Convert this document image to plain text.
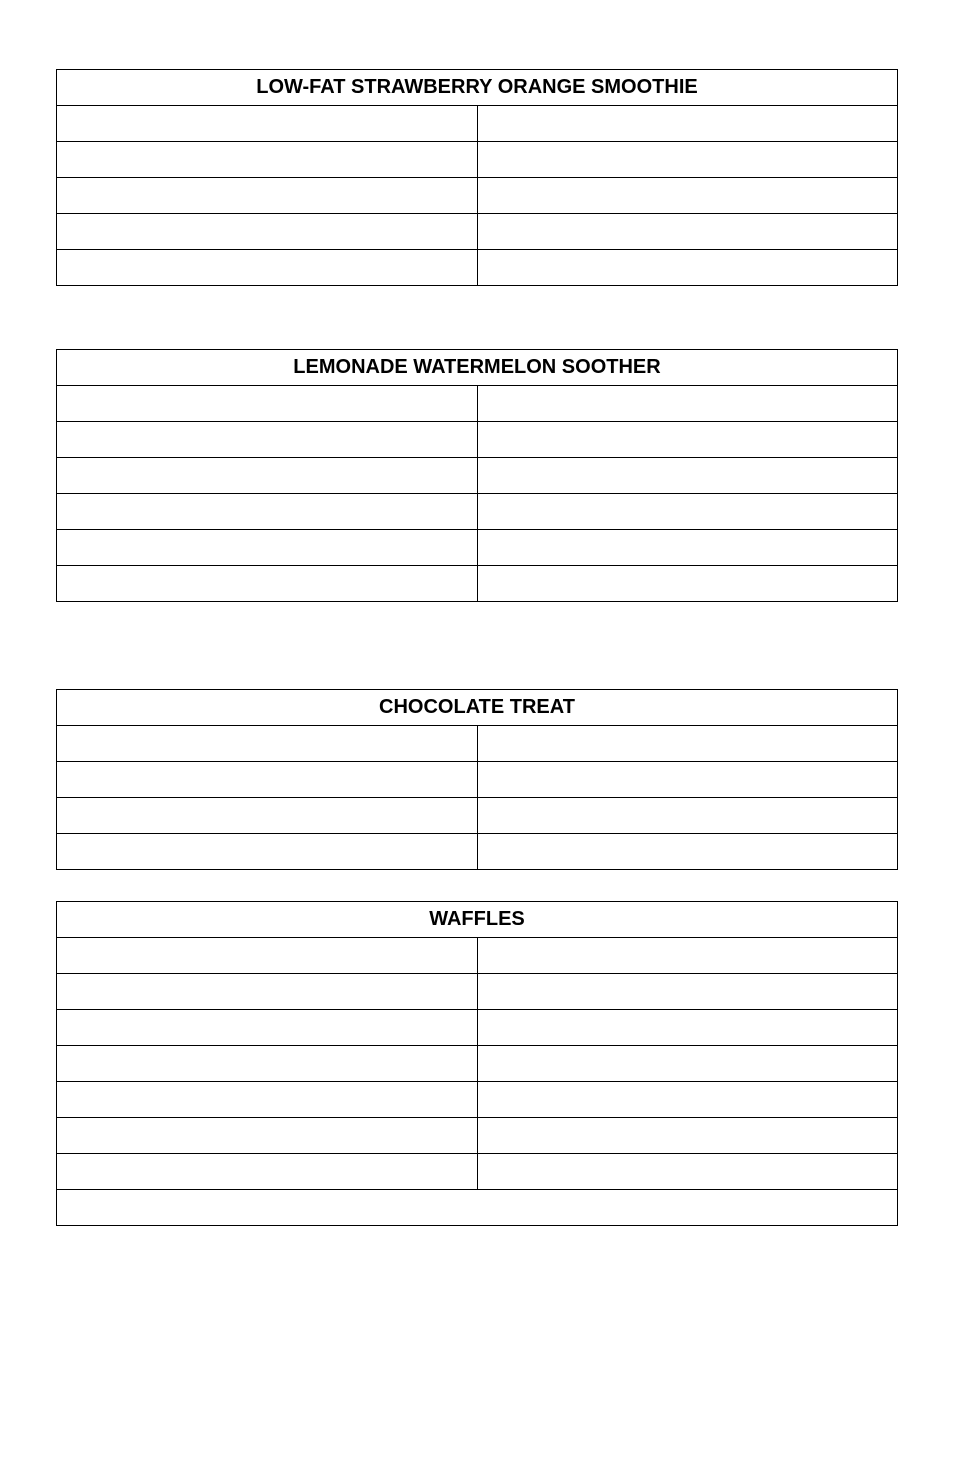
LOW-FAT STRAWBERRY ORANGE SMOOTHIE	

LEMONADE WATERMELON SOOTHER	

CHOCOLATE TREAT	

WAFFLES	
